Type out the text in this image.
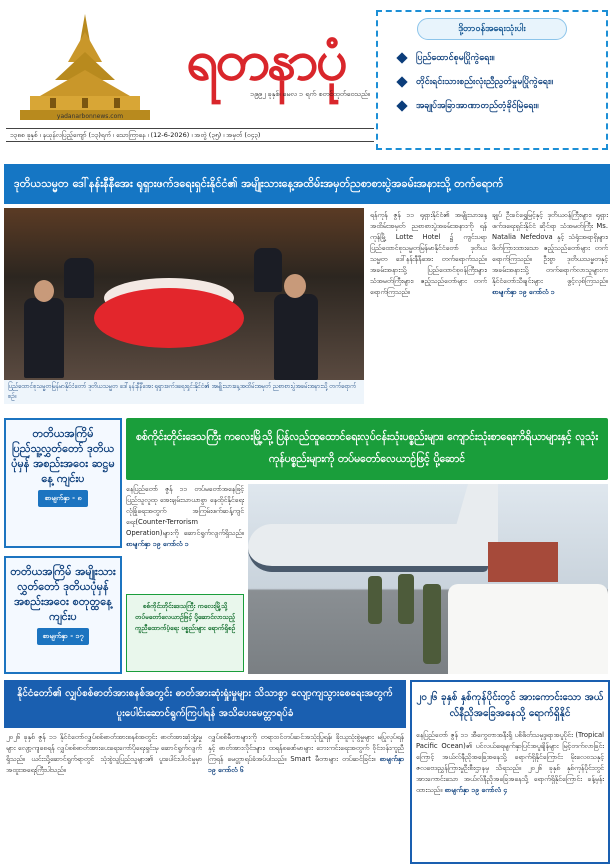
ရတနာပုံ
yadanarbonnews.com
၁၉၉၂ ခုနှစ်၊ မေလ ၁ ရက် စတင်ထုတ်ဝေသည်။
၁၃၈၈ ခုနှစ် ၊ နယုန်လပြည့်ကျော် (၁၃)ရက် ၊ သောကြာနေ ၊ (12-6-2026) ၊ အတွဲ (၃၅) ၊ အမှတ် (၀၄၃)
ဒို့တာဝန်အရေးသုံးပါး
ပြည်ထောင်စုမပြိုကွဲရေး။
တိုင်းရင်းသားစည်းလုံးညီညွတ်မှုမပြိုကွဲရေး။
အချုပ်အခြာအာဏာတည်တံ့ခိုင်မြဲရေး။
ဒုတိယသမ္မတ ဒေါ်နန်းနီနီအေး ရုရှားဖက်ဒရေးရှင်းနိုင်ငံ၏ အမျိုးသားနေ့အထိမ်းအမှတ်ညစာစားပွဲအခမ်းအနားသို့ တက်ရောက်
ပြည်ထောင်စုသမ္မတမြန်မာနိုင်ငံတော် ဒုတိယသမ္မတ ဒေါ်နန်းနီနီအေး ရုရှားဖက်ဒရေးရှင်းနိုင်ငံ၏ အမျိုးသားနေ့အထိမ်းအမှတ် ညစာစားပွဲအခမ်းအနားသို့ တက်ရောက်စဉ်။
ရန်ကုန် ဇွန် ၁၁ ရုရှားနိုင်ငံ၏ အမျိုးသားနေ့အထိမ်းအမှတ် ညစာစားပွဲအခမ်းအနားကို ရန်ကုန်မြို့ Lotte Hotel ၌ ကျင်းပရာ ပြည်ထောင်စုသမ္မတမြန်မာနိုင်ငံတော် ဒုတိယသမ္မတ ဒေါ်နန်းနီနီအေး တက်ရောက်သည်။ အခမ်းအနားသို့ ပြည်ထောင်စုဝန်ကြီးများ၊ သံအမတ်ကြီးများ၊ ဧည့်သည်တော်များ တက်ရောက်ကြသည်။
ချုပ် ဦးခင်ရွှေမြင့်နှင့် ဒုတိယဝန်ကြီးများ၊ ရုရှားဖက်ဒရေးရှင်းနိုင်ငံ ဆိုင်ရာ သံအမတ်ကြီး Ms. Natalia Nefedova နှင့် သံရုံးအရာရှိများ၊ ဖိတ်ကြားထားသော ဧည့်သည်တော်များ တက်ရောက်ကြသည်။ ဦးစွာ ဒုတိယသမ္မတနှင့် အခမ်းအနားသို့ တက်ရောက်လာသူများက နိုင်ငံတော်သီချင်းများ ဖွင့်လှစ်ကြသည်။ စာမျက်နှာ ၁၉ ကော်လံ ၁
တတိယအကြိမ် ပြည်သူ့လွှတ်တော် ဒုတိယပုံမှန် အစည်းအဝေး ဆဋ္ဌမနေ့ ကျင်းပ
စာမျက်နှာ - ၈
တတိယအကြိမ် အမျိုးသားလွှတ်တော် ဒုတိယပုံမှန် အစည်းအဝေး စတုတ္ထနေ့ ကျင်းပ
စာမျက်နှာ - ၁၇
စစ်ကိုင်းတိုင်းဒေသကြီး ကလေးမြို့သို့ ပြန်လည်ထူထောင်ရေးလုပ်ငန်းသုံးပစ္စည်းများ၊ ကျောင်းသုံးစာရေးကိရိယာများနှင့် လူသုံးကုန်ပစ္စည်းများကို တပ်မတော်လေယာဉ်ဖြင့် ပို့ဆောင်
နေပြည်တော် ဇွန် ၁၁ တပ်မတော်အနေဖြင့် ပြည်သူလူထု အေးချမ်းသာယာစွာ နေထိုင်နိုင်ရေး လုံခြုံရေးအတွက် အကြမ်းဖက်ဆန့်ကျင်ရေး(Counter-Terrorism Operation)များကို ဆောင်ရွက်လျက်ရှိသည်။ စာမျက်နှာ ၁၉ ကော်လံ ၁
စစ်ကိုင်းတိုင်းဒေသကြီး ကလေးမြို့သို့ တပ်မတော်လေယာဉ်ဖြင့် ပို့ဆောင်လာသည့် ကူညီထောက်ပံ့ရေး ပစ္စည်းများ ရောက်ရှိစဉ်
နိုင်ငံတော်၏ လျှပ်စစ်ဓာတ်အားစနစ်အတွင်း ဓာတ်အားဆုံးရှုံးမှုများ သိသာစွာ လျော့ကျသွားစေရေးအတွက် ပူးပေါင်းဆောင်ရွက်ကြပါရန် အသိပေးမေတ္တာရပ်ခံ
၂၀၂၆ ခုနှစ် ဇွန် ၁၁ နိုင်ငံတော်လျှပ်စစ်ဓာတ်အားစနစ်အတွင်း ဓာတ်အားဆုံးရှုံးမှုများ လျော့ကျစေရန် လျှပ်စစ်ဓာတ်အားပေးရေးကော်ပိုရေးရှင်းမှ ဆောင်ရွက်လျက်ရှိသည်။ ယင်းသို့ဆောင်ရွက်ရာတွင် သုံးစွဲသူပြည်သူများ၏ ပူးပေါင်းပါဝင်မှုမှာ အထူးအရေးကြီးပါသည်။
လျှပ်စစ်မီတာများကို တရားဝင်တပ်ဆင်အသုံးပြုရန်၊ ခိုးယူသုံးစွဲမှုများ မပြုလုပ်ရန်နှင့် ဓာတ်အားလိုင်းများ၊ ထရန်စဖော်မာများ ဘေးကင်းရေးအတွက် ဝိုင်းဝန်းကူညီကြရန် မေတ္တာရပ်ခံအပ်ပါသည်။ Smart မီတာများ တပ်ဆင်ခြင်း။ စာမျက်နှာ ၁၉ ကော်လံ ၆
၂၀၂၆ ခုနှစ် နှစ်ကုန်ပိုင်းတွင် အားကောင်းသော အယ်လ်နီညိုအခြေအနေသို့ ရောက်ရှိနိုင်
နေပြည်တော် ဇွန် ၁၁ အီကွေတာအနီးရှိ ပစိဖိတ်သမုဒ္ဒရာအပူပိုင်း (Tropical Pacific Ocean)၏ ပင်လယ်ရေမျက်နှာပြင်အပူချိန်များ မြင့်တက်လာခြင်းကြောင့် အယ်လ်နီညိုအခြေအနေသို့ ရောက်ရှိနိုင်ကြောင်း မိုးလေဝသနှင့် ဇလဗေဒညွှန်ကြားမှုဦးစီးဌာနမှ သိရသည်။ ၂၀၂၆ ခုနှစ် နှစ်ကုန်ပိုင်းတွင် အားကောင်းသော အယ်လ်နီညိုအခြေအနေသို့ ရောက်ရှိနိုင်ကြောင်း ခန့်မှန်းထားသည်။ စာမျက်နှာ ၁၉ ကော်လံ ၄
